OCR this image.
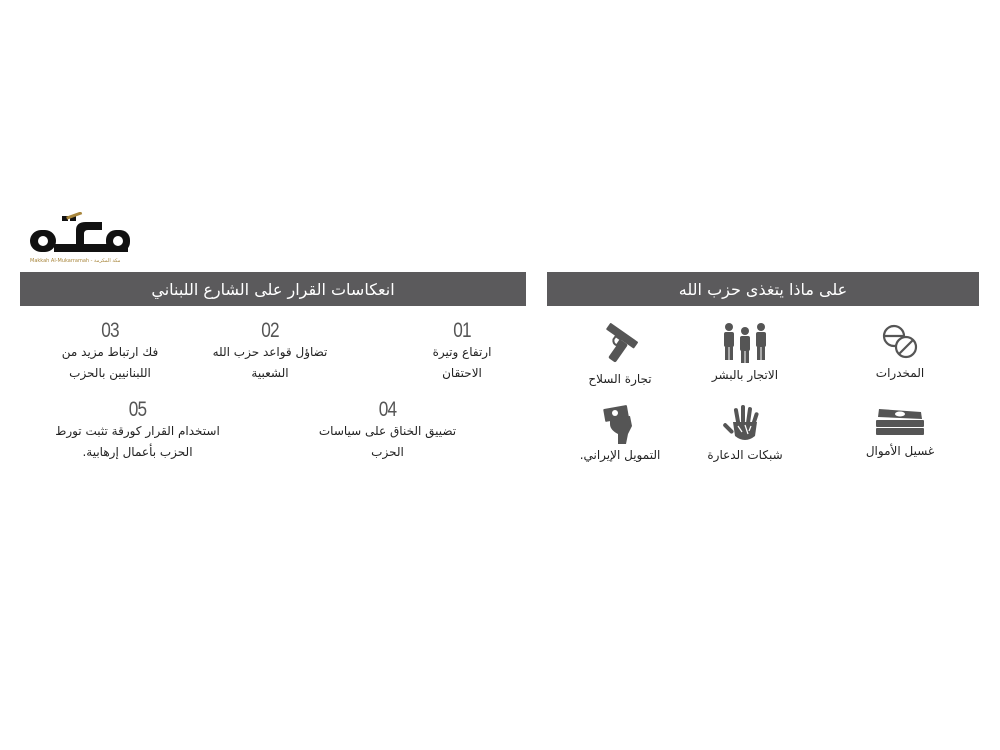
Makkah Al-Mukarramah - مكة المكرمة
انعكاسات القرار على الشارع اللبناني	على ماذا يتغذى حزب الله
01
ارتفاع وتيرة الاحتقان
02
تضاؤل قواعد حزب الله الشعبية
03
فك ارتباط مزيد من اللبنانيين بالحزب
04
تضييق الخناق على سياسات الحزب
05
استخدام القرار كورقة تثبت تورط الحزب بأعمال إرهابية.
المخدرات
الاتجار بالبشر
تجارة السلاح
غسيل الأموال
شبكات الدعارة
التمويل الإيراني.
